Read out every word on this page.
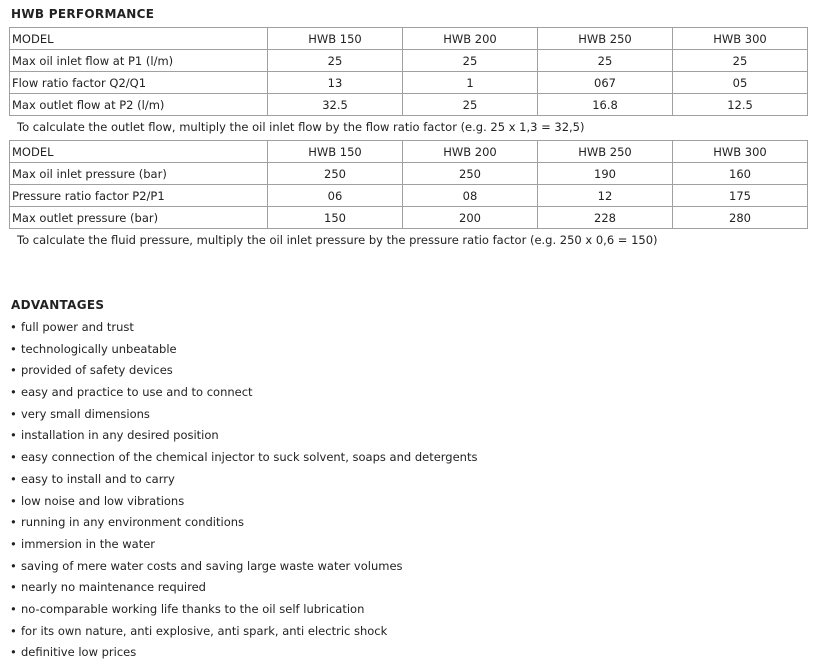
HWB PERFORMANCE
MODEL	HWB 150	HWB 200	HWB 250	HWB 300
Max oil inlet flow at P1 (l/m)	25	25	25	25
Flow ratio factor Q2/Q1	13	1	067	05
Max outlet flow at P2 (l/m)	32.5	25	16.8	12.5
To calculate the outlet flow, multiply the oil inlet flow by the flow ratio factor (e.g. 25 x 1,3 = 32,5)
MODEL	HWB 150	HWB 200	HWB 250	HWB 300
Max oil inlet pressure (bar)	250	250	190	160
Pressure ratio factor P2/P1	06	08	12	175
Max outlet pressure (bar)	150	200	228	280
To calculate the fluid pressure, multiply the oil inlet pressure by the pressure ratio factor (e.g. 250 x 0,6 = 150)
ADVANTAGES
• full power and trust
• technologically unbeatable
• provided of safety devices
• easy and practice to use and to connect
• very small dimensions
• installation in any desired position
• easy connection of the chemical injector to suck solvent, soaps and detergents
• easy to install and to carry
• low noise and low vibrations
• running in any environment conditions
• immersion in the water
• saving of mere water costs and saving large waste water volumes
• nearly no maintenance required
• no-comparable working life thanks to the oil self lubrication
• for its own nature, anti explosive, anti spark, anti electric shock
• definitive low prices
